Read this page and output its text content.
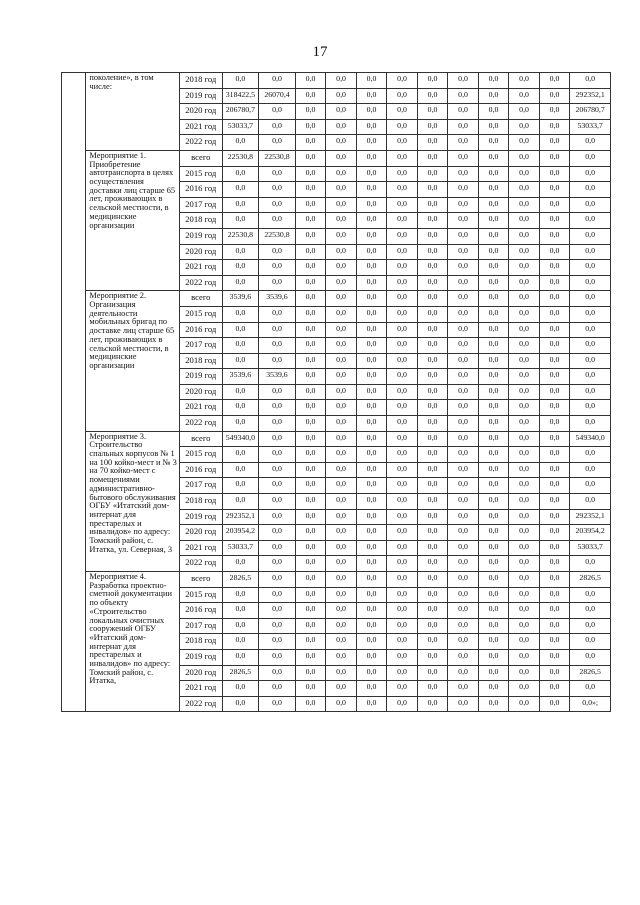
17
	поколение», в том числе:	2018 год	0,0	0,0	0,0	0,0	0,0	0,0	0,0	0,0	0,0	0,0	0,0	0,0
		2019 год	318422,5	26070,4	0,0	0,0	0,0	0,0	0,0	0,0	0,0	0,0	0,0	292352,1
		2020 год	206780,7	0,0	0,0	0,0	0,0	0,0	0,0	0,0	0,0	0,0	0,0	206780,7
		2021 год	53033,7	0,0	0,0	0,0	0,0	0,0	0,0	0,0	0,0	0,0	0,0	53033,7
		2022 год	0,0	0,0	0,0	0,0	0,0	0,0	0,0	0,0	0,0	0,0	0,0	0,0
	Мероприятие 1. Приобретение автотранспорта в целях осуществления доставки лиц старше 65 лет, проживающих в сельской местности, в медицинские организации	всего	22530,8	22530,8	0,0	0,0	0,0	0,0	0,0	0,0	0,0	0,0	0,0	0,0
		2015 год	0,0	0,0	0,0	0,0	0,0	0,0	0,0	0,0	0,0	0,0	0,0	0,0
		2016 год	0,0	0,0	0,0	0,0	0,0	0,0	0,0	0,0	0,0	0,0	0,0	0,0
		2017 год	0,0	0,0	0,0	0,0	0,0	0,0	0,0	0,0	0,0	0,0	0,0	0,0
		2018 год	0,0	0,0	0,0	0,0	0,0	0,0	0,0	0,0	0,0	0,0	0,0	0,0
		2019 год	22530,8	22530,8	0,0	0,0	0,0	0,0	0,0	0,0	0,0	0,0	0,0	0,0
		2020 год	0,0	0,0	0,0	0,0	0,0	0,0	0,0	0,0	0,0	0,0	0,0	0,0
		2021 год	0,0	0,0	0,0	0,0	0,0	0,0	0,0	0,0	0,0	0,0	0,0	0,0
		2022 год	0,0	0,0	0,0	0,0	0,0	0,0	0,0	0,0	0,0	0,0	0,0	0,0
	Мероприятие 2. Организация деятельности мобильных бригад по доставке лиц старше 65 лет, проживающих в сельской местности, в медицинские организации	всего	3539,6	3539,6	0,0	0,0	0,0	0,0	0,0	0,0	0,0	0,0	0,0	0,0
		2015 год	0,0	0,0	0,0	0,0	0,0	0,0	0,0	0,0	0,0	0,0	0,0	0,0
		2016 год	0,0	0,0	0,0	0,0	0,0	0,0	0,0	0,0	0,0	0,0	0,0	0,0
		2017 год	0,0	0,0	0,0	0,0	0,0	0,0	0,0	0,0	0,0	0,0	0,0	0,0
		2018 год	0,0	0,0	0,0	0,0	0,0	0,0	0,0	0,0	0,0	0,0	0,0	0,0
		2019 год	3539,6	3539,6	0,0	0,0	0,0	0,0	0,0	0,0	0,0	0,0	0,0	0,0
		2020 год	0,0	0,0	0,0	0,0	0,0	0,0	0,0	0,0	0,0	0,0	0,0	0,0
		2021 год	0,0	0,0	0,0	0,0	0,0	0,0	0,0	0,0	0,0	0,0	0,0	0,0
		2022 год	0,0	0,0	0,0	0,0	0,0	0,0	0,0	0,0	0,0	0,0	0,0	0,0
	Мероприятие 3. Строительство спальных корпусов № 1 на 100 койко-мест и № 3 на 70 койко-мест с помещениями административно-бытового обслуживания ОГБУ «Итатский дом-интернат для престарелых и инвалидов» по адресу: Томский район, с. Итатка, ул. Северная, 3	всего	549340,0	0,0	0,0	0,0	0,0	0,0	0,0	0,0	0,0	0,0	0,0	549340,0
		2015 год	0,0	0,0	0,0	0,0	0,0	0,0	0,0	0,0	0,0	0,0	0,0	0,0
		2016 год	0,0	0,0	0,0	0,0	0,0	0,0	0,0	0,0	0,0	0,0	0,0	0,0
		2017 год	0,0	0,0	0,0	0,0	0,0	0,0	0,0	0,0	0,0	0,0	0,0	0,0
		2018 год	0,0	0,0	0,0	0,0	0,0	0,0	0,0	0,0	0,0	0,0	0,0	0,0
		2019 год	292352,1	0,0	0,0	0,0	0,0	0,0	0,0	0,0	0,0	0,0	0,0	292352,1
		2020 год	203954,2	0,0	0,0	0,0	0,0	0,0	0,0	0,0	0,0	0,0	0,0	203954,2
		2021 год	53033,7	0,0	0,0	0,0	0,0	0,0	0,0	0,0	0,0	0,0	0,0	53033,7
		2022 год	0,0	0,0	0,0	0,0	0,0	0,0	0,0	0,0	0,0	0,0	0,0	0,0
	Мероприятие 4. Разработка проектно-сметной документации по объекту «Строительство локальных очистных сооружений ОГБУ «Итатский дом-интернат для престарелых и инвалидов» по адресу: Томский район, с. Итатка,	всего	2826,5	0,0	0,0	0,0	0,0	0,0	0,0	0,0	0,0	0,0	0,0	2826,5
		2015 год	0,0	0,0	0,0	0,0	0,0	0,0	0,0	0,0	0,0	0,0	0,0	0,0
		2016 год	0,0	0,0	0,0	0,0	0,0	0,0	0,0	0,0	0,0	0,0	0,0	0,0
		2017 год	0,0	0,0	0,0	0,0	0,0	0,0	0,0	0,0	0,0	0,0	0,0	0,0
		2018 год	0,0	0,0	0,0	0,0	0,0	0,0	0,0	0,0	0,0	0,0	0,0	0,0
		2019 год	0,0	0,0	0,0	0,0	0,0	0,0	0,0	0,0	0,0	0,0	0,0	0,0
		2020 год	2826,5	0,0	0,0	0,0	0,0	0,0	0,0	0,0	0,0	0,0	0,0	2826,5
		2021 год	0,0	0,0	0,0	0,0	0,0	0,0	0,0	0,0	0,0	0,0	0,0	0,0
		2022 год	0,0	0,0	0,0	0,0	0,0	0,0	0,0	0,0	0,0	0,0	0,0	0,0»;
